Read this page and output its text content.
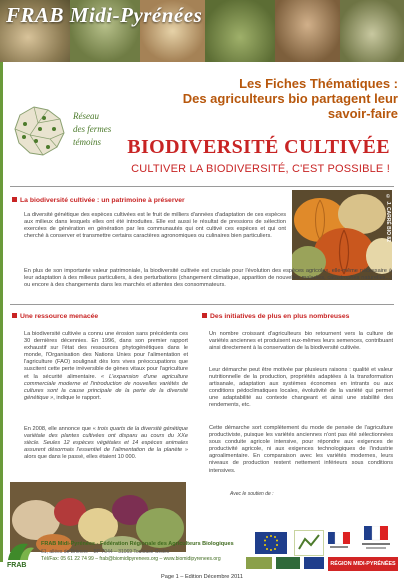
FRAB Midi-Pyrénées
Réseau
des fermes
témoins
Les Fiches Thématiques :
Des agriculteurs bio partagent leur
savoir-faire
BIODIVERSITÉ CULTIVÉE
CULTIVER LA BIODIVERSITÉ, C'EST POSSIBLE !
La biodiversité cultivée : un patrimoine à préserver

La diversité génétique des espèces cultivées est le fruit de milliers d'années d'adaptation de ces espèces aux milieux dans lesquels elles ont été introduites. Elle est aussi le résultat de pressions de sélection exercées de génération en génération par les communautés qui ont cultivé ces espèces et qui ont cherché à conserver et transmettre certains caractères agronomiques ou culinaires bien particuliers.	© J. CARRÉ BIO 82

En plus de son importante valeur patrimoniale, la biodiversité cultivée est cruciale pour l'évolution des espèces agricoles, elle-même nécessaire à leur adaptation à des milieux particuliers, à des perturbations (changement climatique, apparition de nouvelles maladies, catastrophes naturelles...) ou encore à des changements dans les marchés et attentes des consommateurs.

Une ressource menacée

La biodiversité cultivée a connu une érosion sans précédents ces 30 dernières décennies. En 1996, dans son premier rapport exhaustif sur l'état des ressources phytogénétiques dans le monde, l'Organisation des Nations Unies pour l'alimentation et l'agriculture (FAO) soulignait dès lors vives préoccupations que suscitent cette perte irréversible de gènes vitaux pour l'agriculture et la sécurité alimentaire. « L'expansion d'une agriculture commerciale moderne et l'introduction de nouvelles variétés de cultures sont la cause principale de la perte de la diversité génétique », indique le rapport.

En 2008, elle annonce que « trois quarts de la diversité génétique variétale des plantes cultivées ont disparu au cours du XXe siècle. Seules 12 espèces végétales et 14 espèces animales assurent désormais l'essentiel de l'alimentation de la planète » alors que dans le passé, elles étaient 10 000.

Des initiatives de plus en plus nombreuses

Un nombre croissant d'agriculteurs bio retournent vers la culture de variétés anciennes et produisent eux-mêmes leurs semences, contribuant ainsi directement à la conservation de la biodiversité cultivée.

Leur démarche peut être motivée par plusieurs raisons : qualité et valeur nutritionnelle de la production, propriétés adaptées à la transformation artisanale, adaptation aux systèmes économes en intrants ou aux conditions pédoclimatiques locales, évolutivité de la variété qui permet une adaptabilité au contexte changeant et ainsi une stabilité des rendements, etc.

Cette démarche sort complètement du mode de pensée de l'agriculture productiviste, puisque les variétés anciennes n'ont pas été sélectionnées sous conduite agricole intensive, pour répondre aux exigences de productivité agricole, ni aux exigences technologiques de l'industrie agroalimentaire. En comparaison avec les variétés modernes, leurs niveaux de production restent nettement inférieurs sous conditions intensives.

Avec le soutien de :
FRAB
FRAB Midi-Pyrénées - Fédération Régionale des Agriculteurs Biologiques
61, allées de Brienne – BP 7044 – 31069 Toulouse Cedex
Tél/Fax: 05 61 22 74 99 – frab@biomidipyrenees.org – www.biomidipyrenees.org
RÉGION MIDI-PYRÉNÉES
Page 1 – Edition Décembre 2011
